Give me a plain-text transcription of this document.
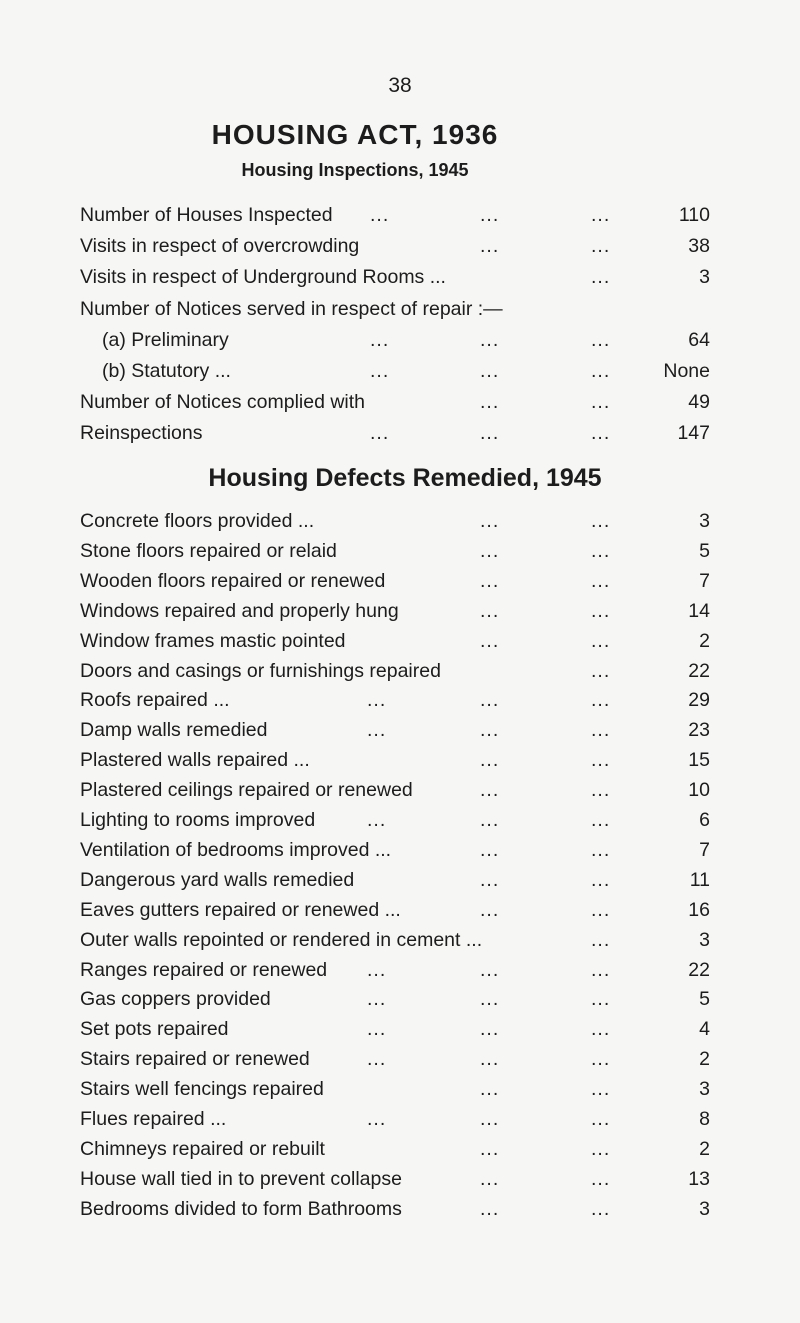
38
HOUSING ACT, 1936
Housing Inspections, 1945
Number of Houses Inspected ...	...	...	110
Visits in respect of overcrowding	...	...	38
Visits in respect of Underground Rooms ...	...	3
Number of Notices served in respect of repair :—
(a) Preliminary	...	...	...	64
(b) Statutory ...	...	...	...	None
Number of Notices complied with	...	...	49
Reinspections	...	...	...	147
Housing Defects Remedied, 1945
Concrete floors provided ...	...	...	3
Stone floors repaired or relaid	...	...	5
Wooden floors repaired or renewed	...	...	7
Windows repaired and properly hung	...	...	14
Window frames mastic pointed	...	...	2
Doors and casings or furnishings repaired	...	22
Roofs repaired ...	...	...	...	29
Damp walls remedied	...	...	...	23
Plastered walls repaired ...	...	...	15
Plastered ceilings repaired or renewed	...	...	10
Lighting to rooms improved	...	...	...	6
Ventilation of bedrooms improved ...	...	...	7
Dangerous yard walls remedied	...	...	11
Eaves gutters repaired or renewed ...	...	...	16
Outer walls repointed or rendered in cement ...	...	3
Ranges repaired or renewed ...	...	...	22
Gas coppers provided	...	...	...	5
Set pots repaired	...	...	...	4
Stairs repaired or renewed	...	...	...	2
Stairs well fencings repaired	...	...	3
Flues repaired ...	...	...	...	8
Chimneys repaired or rebuilt	...	...	2
House wall tied in to prevent collapse	...	...	13
Bedrooms divided to form Bathrooms	...	...	3
